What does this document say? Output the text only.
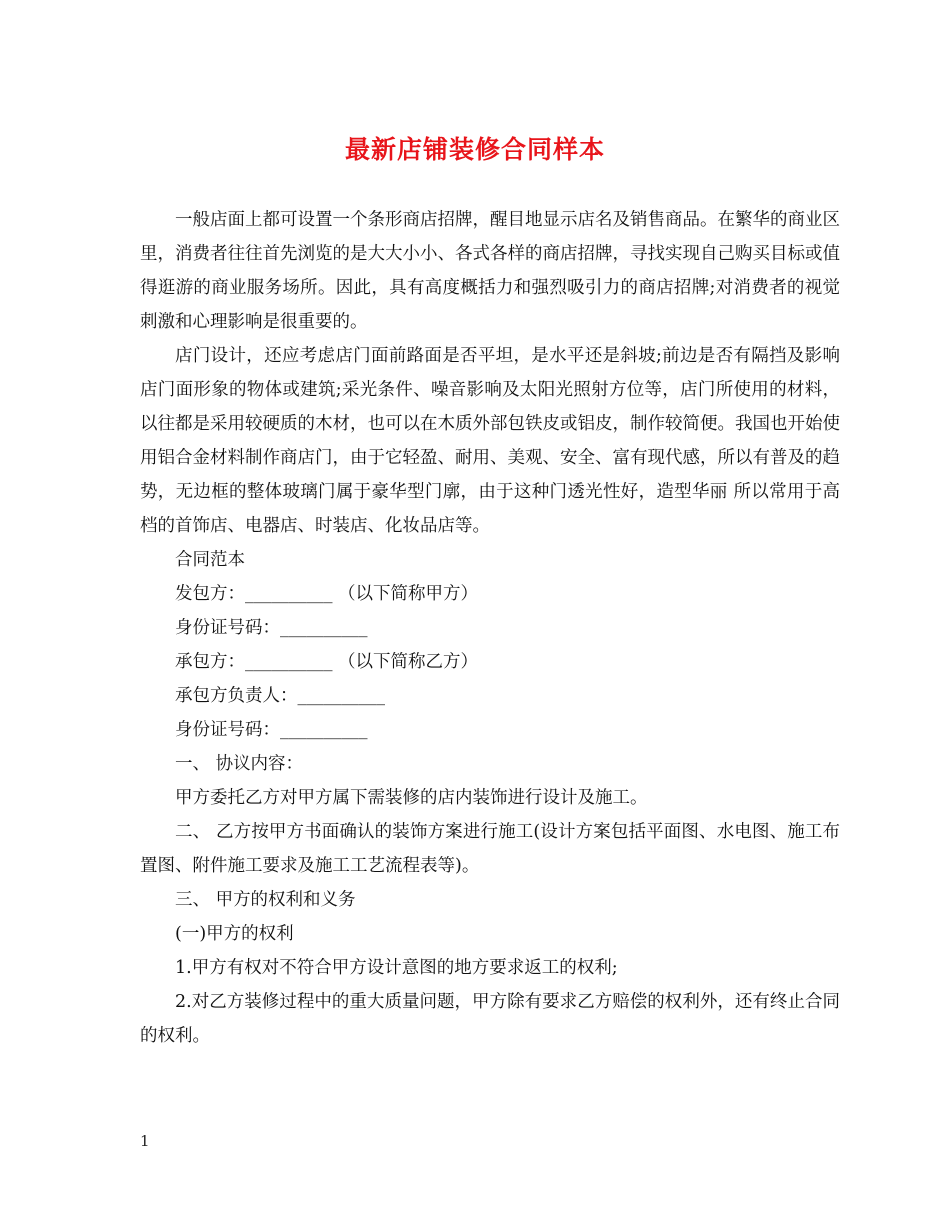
最新店铺装修合同样本

一般店面上都可设置一个条形商店招牌，醒目地显示店名及销售商品。在繁华的商业区里，消费者往往首先浏览的是大大小小、各式各样的商店招牌，寻找实现自己购买目标或值得逛游的商业服务场所。因此，具有高度概括力和强烈吸引力的商店招牌;对消费者的视觉刺激和心理影响是很重要的。

店门设计，还应考虑店门面前路面是否平坦，是水平还是斜坡;前边是否有隔挡及影响店门面形象的物体或建筑;采光条件、噪音影响及太阳光照射方位等，店门所使用的材料，以往都是采用较硬质的木材，也可以在木质外部包铁皮或铝皮，制作较简便。我国也开始使用铝合金材料制作商店门，由于它轻盈、耐用、美观、安全、富有现代感，所以有普及的趋势，无边框的整体玻璃门属于豪华型门廓，由于这种门透光性好，造型华丽 所以常用于高档的首饰店、电器店、时装店、化妆品店等。

合同范本

发包方：__________ （以下简称甲方）

身份证号码：__________

承包方：__________ （以下简称乙方）

承包方负责人：__________

身份证号码：__________

一、 协议内容：

甲方委托乙方对甲方属下需装修的店内装饰进行设计及施工。

二、 乙方按甲方书面确认的装饰方案进行施工(设计方案包括平面图、水电图、施工布置图、附件施工要求及施工工艺流程表等)。

三、 甲方的权利和义务

(一)甲方的权利

1.甲方有权对不符合甲方设计意图的地方要求返工的权利;

2.对乙方装修过程中的重大质量问题，甲方除有要求乙方赔偿的权利外，还有终止合同的权利。

1
